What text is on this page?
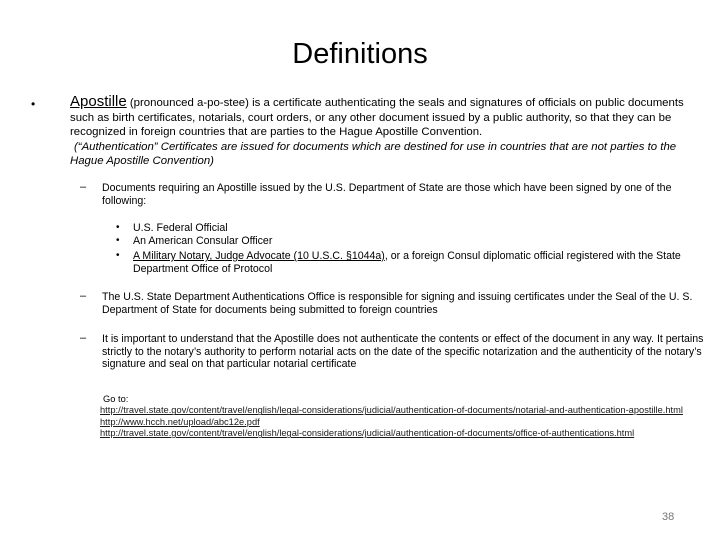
Definitions
• Apostille (pronounced a-po-stee) is a certificate authenticating the seals and signatures of officials on public documents such as birth certificates, notarials, court orders, or any other document issued by a public authority, so that they can be recognized in foreign countries that are parties to the Hague Apostille Convention.
(“Authentication” Certificates are issued for documents which are destined for use in countries that are not parties to the Hague Apostille Convention)
– Documents requiring an Apostille issued by the U.S. Department of State are those which have been signed by one of the following:
• U.S. Federal Official
• An American Consular Officer
• A Military Notary, Judge Advocate (10 U.S.C. §1044a), or a foreign Consul diplomatic official registered with the State Department Office of Protocol
– The U.S. State Department Authentications Office is responsible for signing and issuing certificates under the Seal of the U. S. Department of State for documents being submitted to foreign countries
– It is important to understand that the Apostille does not authenticate the contents or effect of the document in any way. It pertains strictly to the notary’s authority to perform notarial acts on the date of the specific notarization and the authenticity of the notary’s signature and seal on that particular notarial certificate
Go to:
http://travel.state.gov/content/travel/english/legal-considerations/judicial/authentication-of-documents/notarial-and-authentication-apostille.html
http://www.hcch.net/upload/abc12e.pdf
http://travel.state.gov/content/travel/english/legal-considerations/judicial/authentication-of-documents/office-of-authentications.html
38
